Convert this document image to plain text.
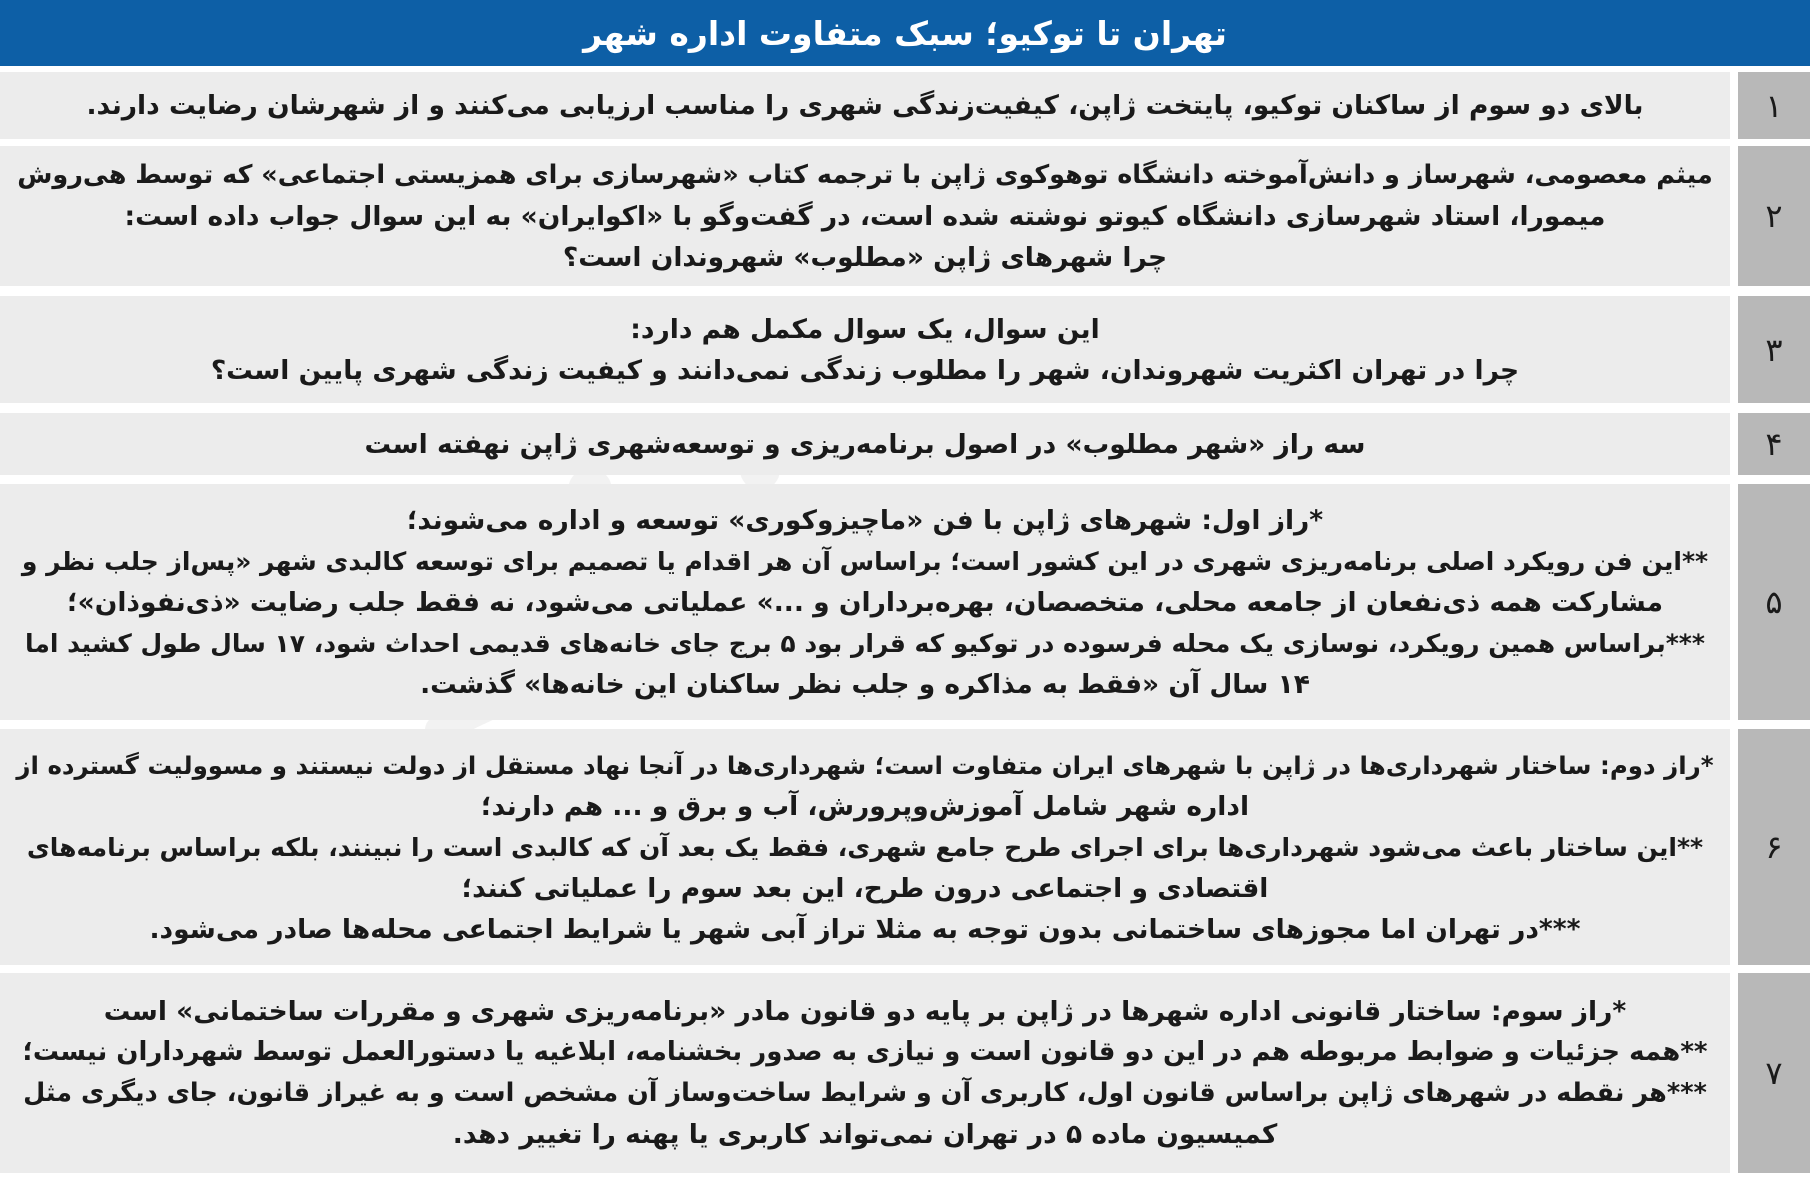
تهران تا توکیو؛ سبک متفاوت اداره شهر
بالای دو سوم از ساکنان توکیو، پایتخت ژاپن، کیفیت‌زندگی شهری را مناسب ارزیابی می‌کنند و از شهرشان رضایت دارند.	۱
میثم معصومی، شهرساز و دانش‌آموخته دانشگاه توهوکوی ژاپن با ترجمه کتاب «شهرسازی برای همزیستی اجتماعی» که توسط هی‌روش
میمورا، استاد شهرسازی دانشگاه کیوتو نوشته شده است، در گفت‌وگو با «اکوایران» به این سوال جواب داده است:
چرا شهرهای ژاپن «مطلوب» شهروندان است؟
۲
این سوال، یک سوال مکمل هم دارد:
چرا در تهران اکثریت شهروندان، شهر را مطلوب زندگی نمی‌دانند و کیفیت زندگی شهری پایین است؟
۳
سه راز «شهر مطلوب» در اصول برنامه‌ریزی و توسعه‌شهری ژاپن نهفته است	۴
*راز اول: شهرهای ژاپن با فن «ماچیزوکوری» توسعه و اداره می‌شوند؛
**این فن رویکرد اصلی برنامه‌ریزی شهری در این کشور است؛ براساس آن هر اقدام یا تصمیم برای توسعه کالبدی شهر «پس‌از جلب نظر و
مشارکت همه ذی‌نفعان از جامعه محلی، متخصصان، بهره‌برداران و ...» عملیاتی می‌شود، نه فقط جلب رضایت «ذی‌نفوذان»؛
***براساس همین رویکرد، نوسازی یک محله فرسوده در توکیو که قرار بود ۵ برج جای خانه‌های قدیمی احداث شود، ۱۷ سال طول کشید اما
۱۴ سال آن «فقط به مذاکره و جلب نظر ساکنان این خانه‌ها» گذشت.
۵
*راز دوم: ساختار شهرداری‌ها در ژاپن با شهرهای ایران متفاوت است؛ شهرداری‌ها در آنجا نهاد مستقل از دولت نیستند و مسوولیت گسترده از
اداره شهر شامل آموزش‌وپرورش، آب و برق و ... هم دارند؛
**این ساختار باعث می‌شود شهرداری‌ها برای اجرای طرح جامع شهری، فقط یک بعد آن که کالبدی است را نبینند، بلکه براساس برنامه‌های
اقتصادی و اجتماعی درون طرح، این بعد سوم را عملیاتی کنند؛
***در تهران اما مجوزهای ساختمانی بدون توجه به مثلا تراز آبی شهر یا شرایط اجتماعی محله‌ها صادر می‌شود.
۶
*راز سوم: ساختار قانونی اداره شهرها در ژاپن بر پایه دو قانون مادر «برنامه‌ریزی شهری و مقررات ساختمانی» است
**همه جزئیات و ضوابط مربوطه هم در این دو قانون است و نیازی به صدور بخشنامه، ابلاغیه یا دستورالعمل توسط شهرداران نیست؛
***هر نقطه در شهرهای ژاپن براساس قانون اول، کاربری آن و شرایط ساخت‌وساز آن مشخص است و به غیراز قانون، جای دیگری مثل
کمیسیون ماده ۵ در تهران نمی‌تواند کاربری یا پهنه را تغییر دهد.
۷
